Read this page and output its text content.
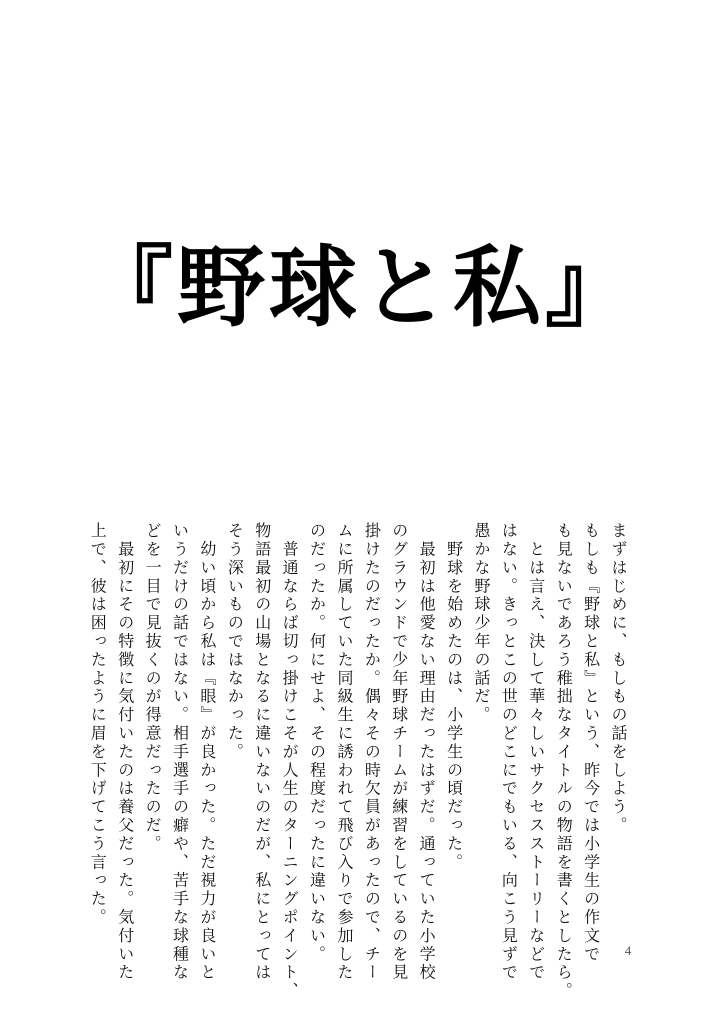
『野球と私』

まずはじめに、もしもの話をしよう。

もしも『野球と私』という、昨今では小学生の作文で
も見ないであろう稚拙なタイトルの物語を書くとしたら。

　とは言え、決して華々しいサクセスストーリーなどで
はない。きっとこの世のどこにでもいる、向こう見ずで
愚かな野球少年の話だ。

　野球を始めたのは、小学生の頃だった。

　最初は他愛ない理由だったはずだ。通っていた小学校
のグラウンドで少年野球チームが練習をしているのを見
掛けたのだったか。偶々その時欠員があったので、チー
ムに所属していた同級生に誘われて飛び入りで参加した
のだったか。何にせよ、その程度だったに違いない。

　普通ならば切っ掛けこそが人生のターニングポイント、
物語最初の山場となるに違いないのだが、私にとっては
そう深いものではなかった。

　幼い頃から私は『眼』が良かった。ただ視力が良いと
いうだけの話ではない。相手選手の癖や、苦手な球種な
どを一目で見抜くのが得意だったのだ。

　最初にその特徴に気付いたのは養父だった。気付いた
上で、彼は困ったように眉を下げてこう言った。

4
